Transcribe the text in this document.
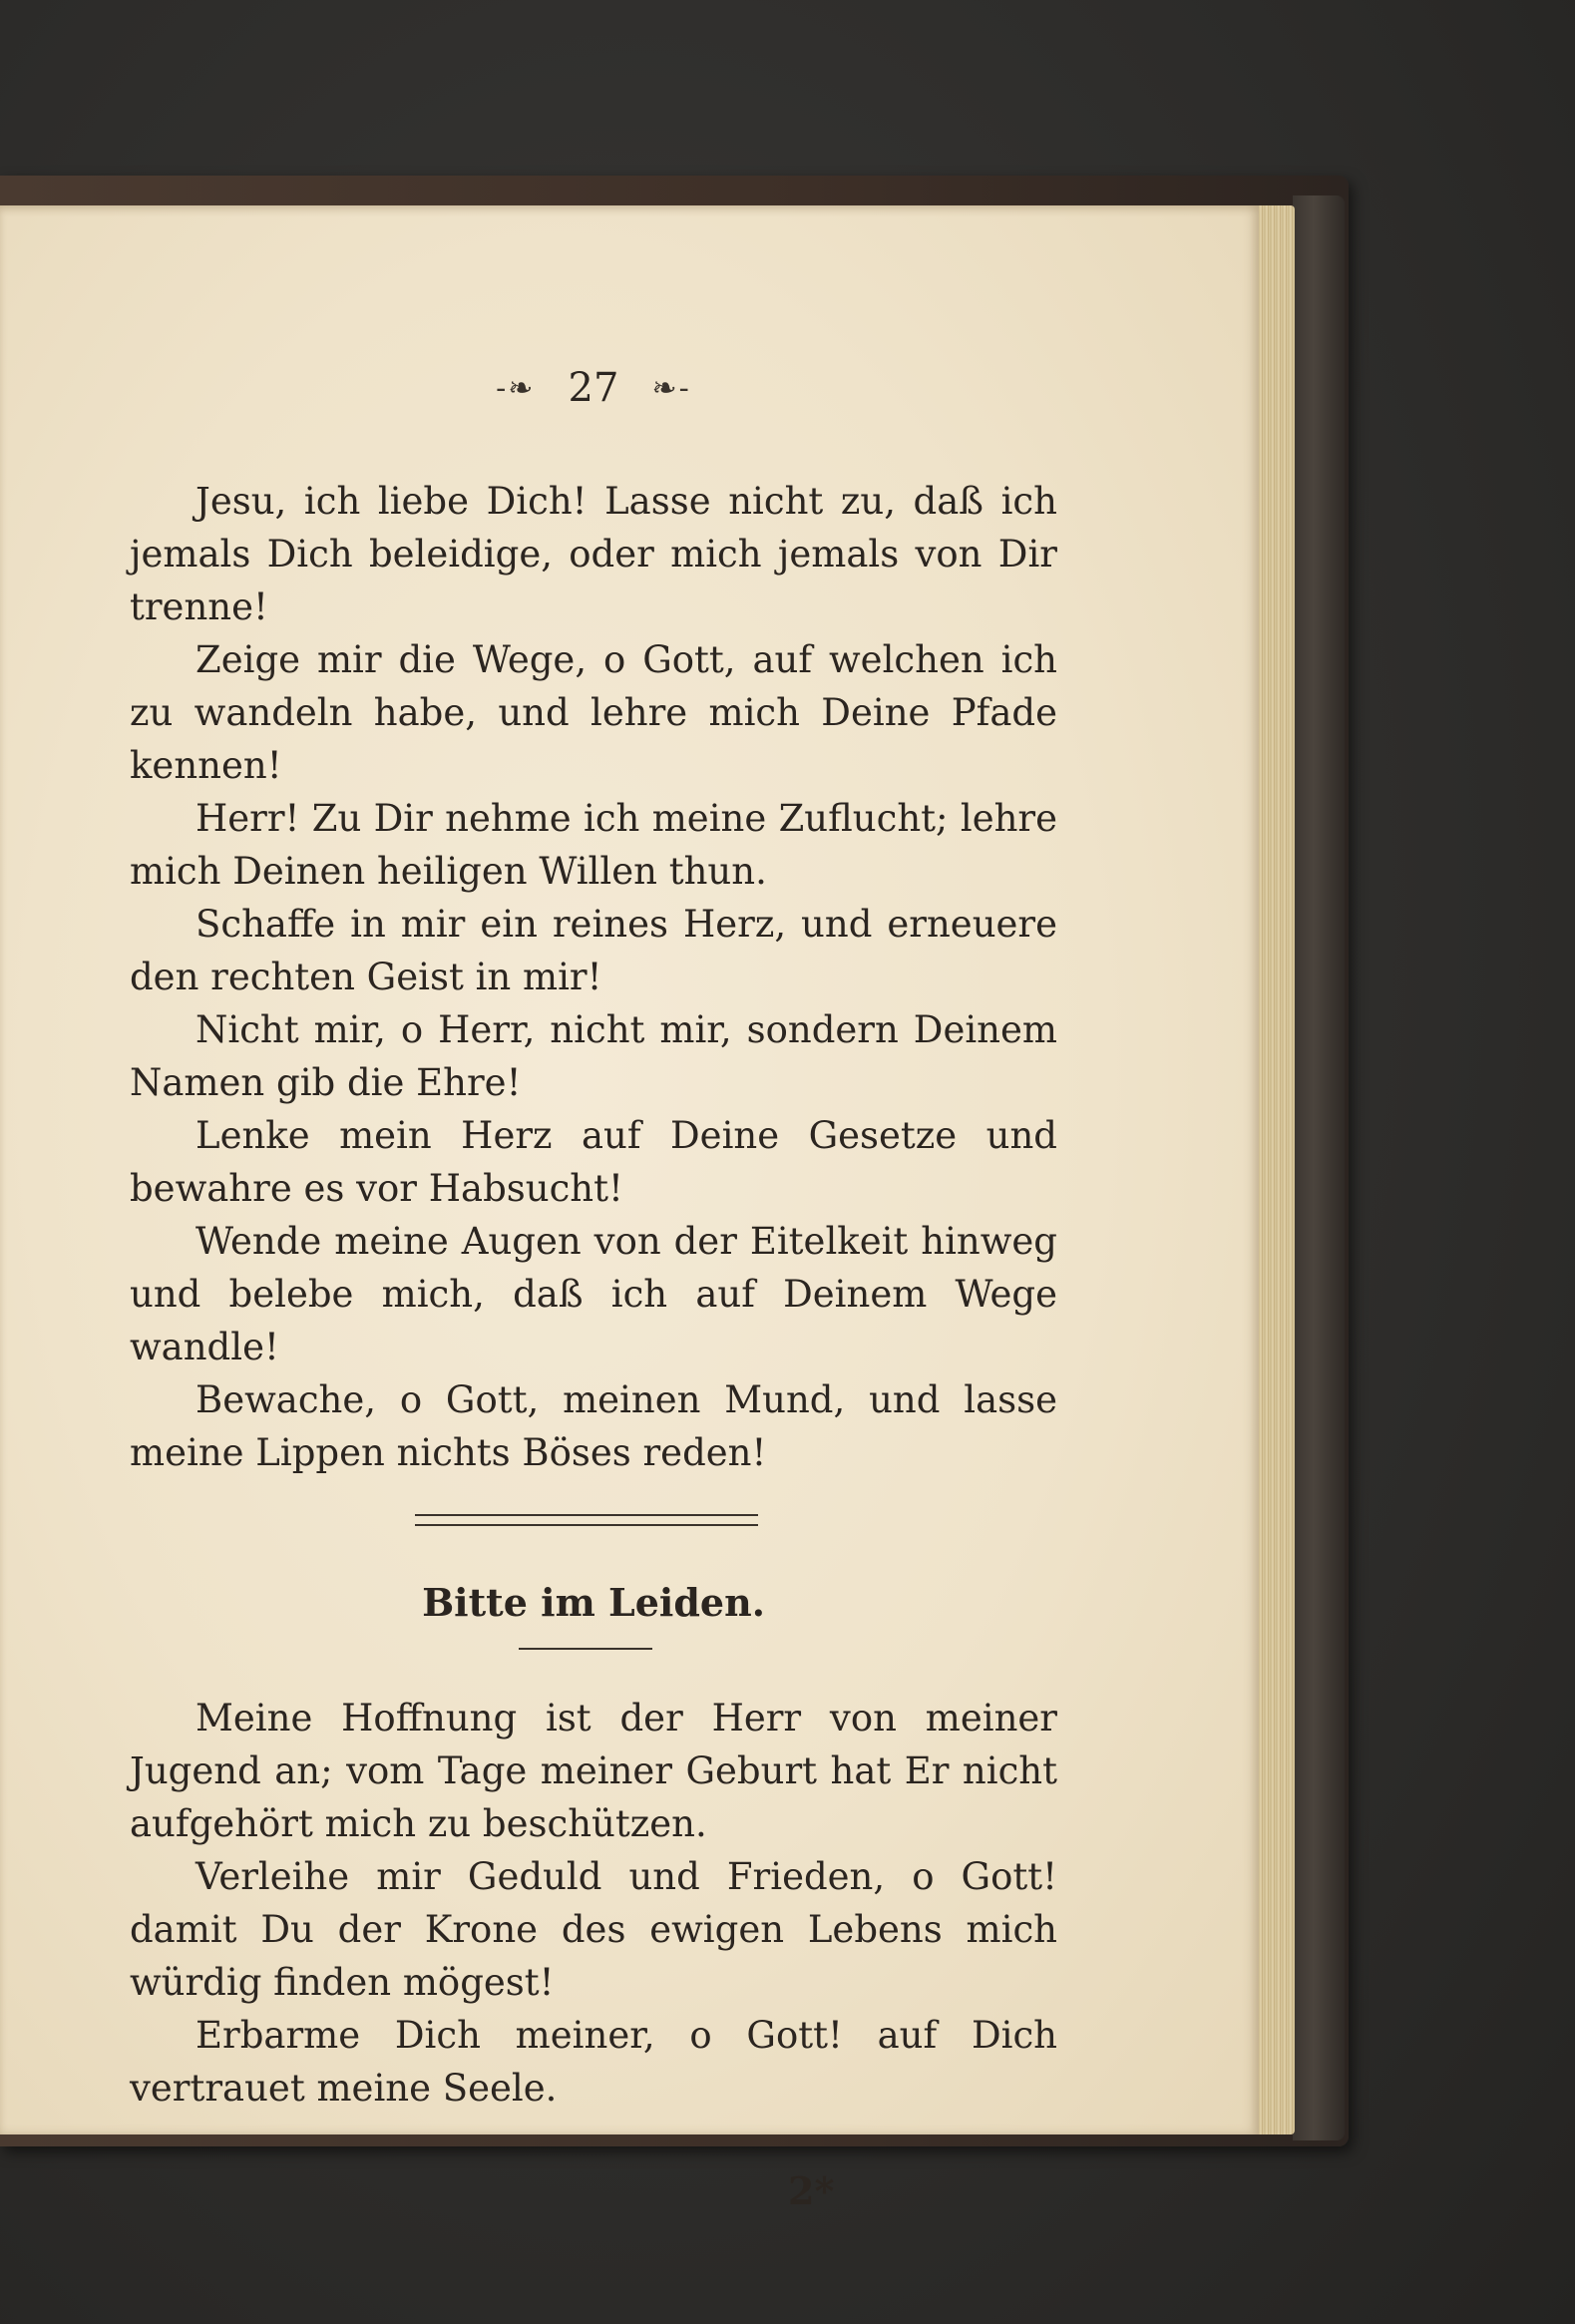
-❧ 27 ❧-

Jesu, ich liebe Dich! Lasse nicht zu, daß ich jemals Dich beleidige, oder mich jemals von Dir trenne!

Zeige mir die Wege, o Gott, auf welchen ich zu wandeln habe, und lehre mich Deine Pfade kennen!

Herr! Zu Dir nehme ich meine Zuflucht; lehre mich Deinen heiligen Willen thun.

Schaffe in mir ein reines Herz, und erneuere den rechten Geist in mir!

Nicht mir, o Herr, nicht mir, sondern Deinem Namen gib die Ehre!

Lenke mein Herz auf Deine Gesetze und bewahre es vor Habsucht!

Wende meine Augen von der Eitelkeit hinweg und belebe mich, daß ich auf Deinem Wege wandle!

Bewache, o Gott, meinen Mund, und lasse meine Lippen nichts Böses reden!

Bitte im Leiden.

Meine Hoffnung ist der Herr von meiner Jugend an; vom Tage meiner Geburt hat Er nicht aufgehört mich zu beschützen.

Verleihe mir Geduld und Frieden, o Gott! damit Du der Krone des ewigen Lebens mich würdig finden mögest!

Erbarme Dich meiner, o Gott! auf Dich vertrauet meine Seele.

2*
